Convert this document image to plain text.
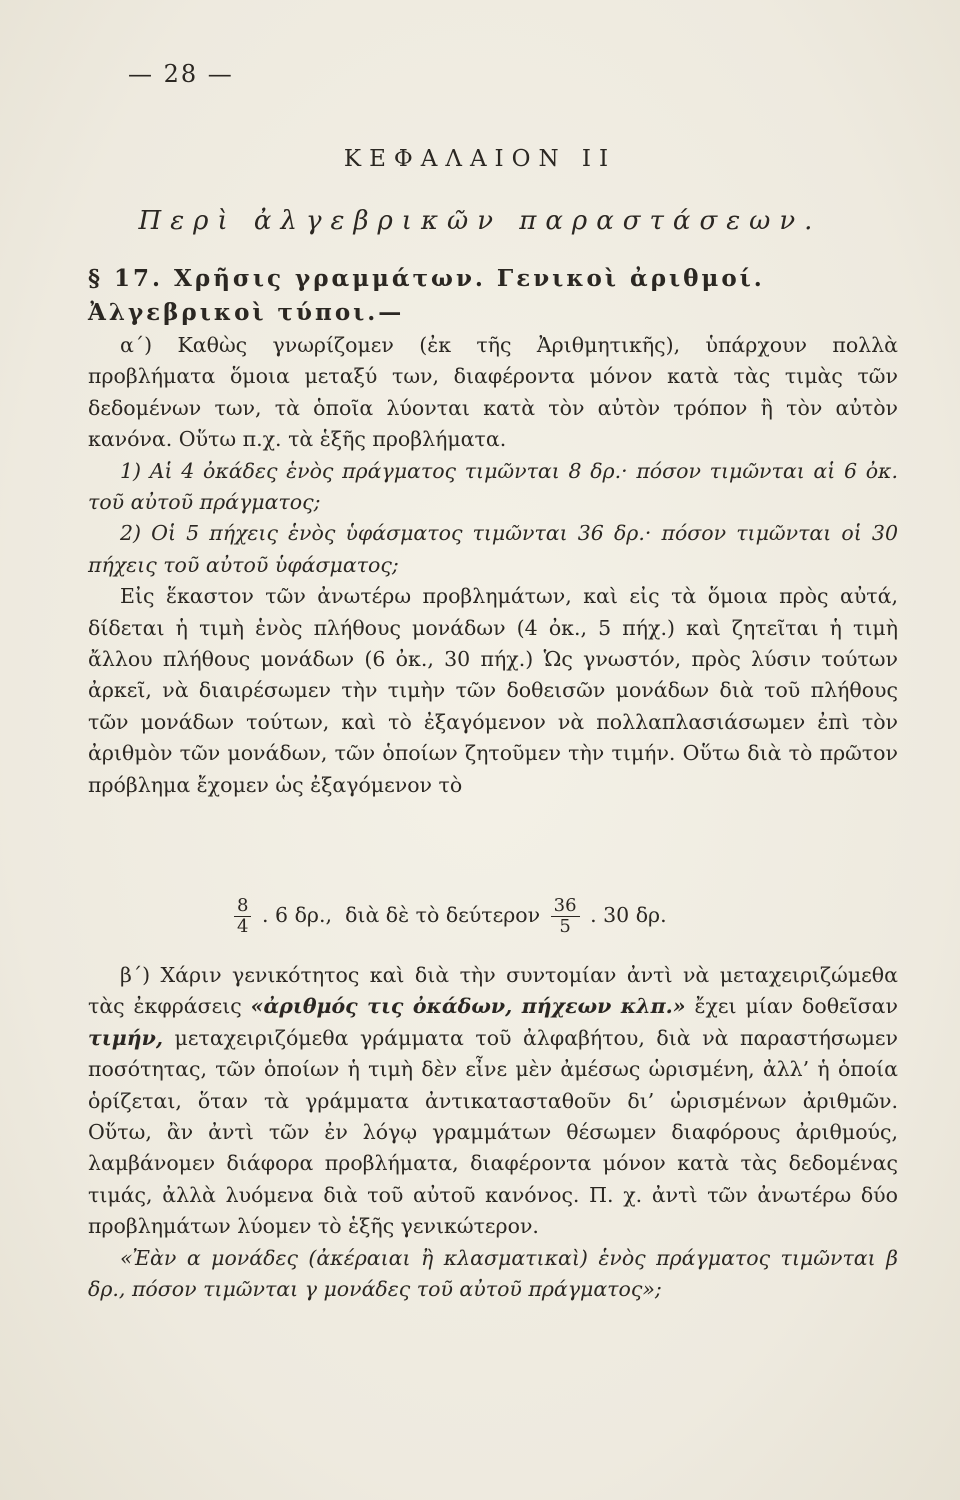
— 28 —
ΚΕΦΑΛΑΙΟΝ II
Περὶ ἀλγεβρικῶν παραστάσεων.
§ 17. Χρῆσις γραμμάτων. Γενικοὶ ἀριθμοί. Ἀλγεβρικοὶ τύποι.—

α´) Καθὼς γνωρίζομεν (ἐκ τῆς Ἀριθμητικῆς), ὑπάρχουν πολλὰ προβλήματα ὅμοια μεταξύ των, διαφέροντα μόνον κατὰ τὰς τιμὰς τῶν δεδομένων των, τὰ ὁποῖα λύονται κατὰ τὸν αὐτὸν τρόπον ἢ τὸν αὐτὸν κανόνα. Οὕτω π.χ. τὰ ἑξῆς προβλήματα.

1) Αἱ 4 ὀκάδες ἑνὸς πράγματος τιμῶνται 8 δρ.· πόσον τιμῶνται αἱ 6 ὀκ. τοῦ αὐτοῦ πράγματος;

2) Οἱ 5 πήχεις ἑνὸς ὑφάσματος τιμῶνται 36 δρ.· πόσον τιμῶνται οἱ 30 πήχεις τοῦ αὐτοῦ ὑφάσματος;

Εἰς ἕκαστον τῶν ἀνωτέρω προβλημάτων, καὶ εἰς τὰ ὅμοια πρὸς αὐτά, δίδεται ἡ τιμὴ ἑνὸς πλήθους μονάδων (4 ὀκ., 5 πήχ.) καὶ ζητεῖται ἡ τιμὴ ἄλλου πλήθους μονάδων (6 ὀκ., 30 πήχ.) Ὡς γνωστόν, πρὸς λύσιν τούτων ἀρκεῖ, νὰ διαιρέσωμεν τὴν τιμὴν τῶν δοθεισῶν μονάδων διὰ τοῦ πλήθους τῶν μονάδων τούτων, καὶ τὸ ἐξαγόμενον νὰ πολλαπλασιάσωμεν ἐπὶ τὸν ἀριθμὸν τῶν μονάδων, τῶν ὁποίων ζητοῦμεν τὴν τιμήν. Οὕτω διὰ τὸ πρῶτον πρόβλημα ἔχομεν ὡς ἐξαγόμενον τὸ

$\frac{8}{4}$ . 6 δρ., διὰ δὲ τὸ δεύτερον $\frac{36}{5}$ . 30 δρ.

β´) Χάριν γενικότητος καὶ διὰ τὴν συντομίαν ἀντὶ νὰ μεταχειριζώμεθα τὰς ἐκφράσεις «ἀριθμός τις ὀκάδων, πήχεων κλπ.» ἔχει μίαν δοθεῖσαν τιμήν, μεταχειριζόμεθα γράμματα τοῦ ἀλφαβήτου, διὰ νὰ παραστήσωμεν ποσότητας, τῶν ὁποίων ἡ τιμὴ δὲν εἶνε μὲν ἀμέσως ὡρισμένη, ἀλλ’ ἡ ὁποία ὁρίζεται, ὅταν τὰ γράμματα ἀντικατασταθοῦν δι’ ὡρισμένων ἀριθμῶν. Οὕτω, ἂν ἀντὶ τῶν ἐν λόγῳ γραμμάτων θέσωμεν διαφόρους ἀριθμούς, λαμβάνομεν διάφορα προβλήματα, διαφέροντα μόνον κατὰ τὰς δεδομένας τιμάς, ἀλλὰ λυόμενα διὰ τοῦ αὐτοῦ κανόνος. Π. χ. ἀντὶ τῶν ἀνωτέρω δύο προβλημάτων λύομεν τὸ ἑξῆς γενικώτερον.

«Ἐὰν α μονάδες (ἀκέραιαι ἢ κλασματικαὶ) ἑνὸς πράγματος τιμῶνται β δρ., πόσον τιμῶνται γ μονάδες τοῦ αὐτοῦ πράγματος»;
